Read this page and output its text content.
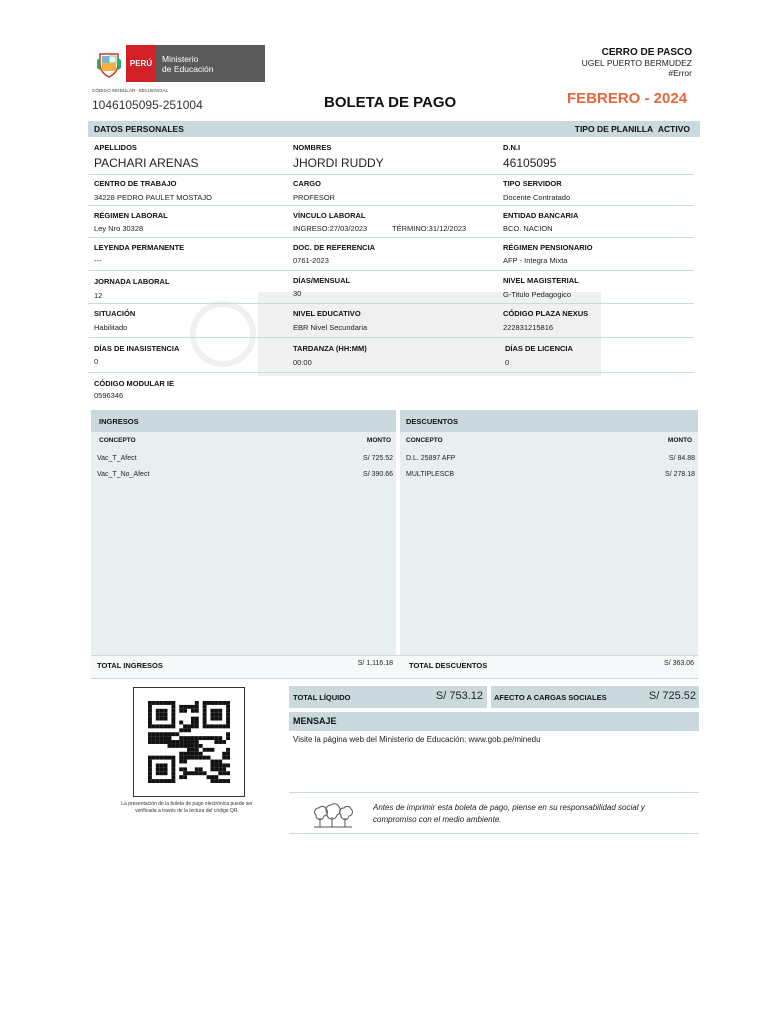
PERÚ	Ministerio
de Educación
CÓDIGO MODULAR- SECUENCIAL
1046105095-251004	BOLETA DE PAGO	FEBRERO - 2024
CERRO DE PASCO
UGEL PUERTO BERMUDEZ
#Error
DATOS PERSONALES	TIPO DE PLANILLA ACTIVO
APELLIDOS
PACHARI ARENAS
NOMBRES
JHORDI RUDDY
D.N.I
46105095
CENTRO DE TRABAJO
34228 PEDRO PAULET MOSTAJO
CARGO
PROFESOR
TIPO SERVIDOR
Docente Contratado
RÉGIMEN LABORAL
Ley Nro 30328
VÍNCULO LABORAL
INGRESO:27/03/2023	TÉRMINO:31/12/2023
ENTIDAD BANCARIA
BCO. NACION
LEYENDA PERMANENTE
---
DOC. DE REFERENCIA
0761-2023
RÉGIMEN PENSIONARIO
AFP - Integra Mixta
JORNADA LABORAL
12
DÍAS/MENSUAL
30
NIVEL MAGISTERIAL
G-Titulo Pedagogico
SITUACIÓN
Habilitado
NIVEL EDUCATIVO
EBR Nivel Secundaria
CÓDIGO PLAZA NEXUS
222831215816
DÍAS DE INASISTENCIA
0
TARDANZA (HH:MM)
00:00
DÍAS DE LICENCIA
0
CÓDIGO MODULAR IE
0596346
INGRESOS
CONCEPTO	MONTO
Vac_T_Afect	S/ 725.52
Vac_T_No_Afect	S/ 390.66
DESCUENTOS
CONCEPTO	MONTO
D.L. 25897 AFP	S/ 84.88
MULTIPLESCB	S/ 278.18
TOTAL INGRESOS	S/ 1,116.18 TOTAL DESCUENTOS	S/ 363.06
La presentación de la boleta de pago electrónica puede ser verificada a través de la lectura del código QR.
TOTAL LÍQUIDO	S/ 753.12 AFECTO A CARGAS SOCIALES	S/ 725.52
MENSAJE
Visite la página web del Ministerio de Educación: www.gob.pe/minedu
Antes de imprimir esta boleta de pago, piense en su responsabilidad social y
compromiso con el medio ambiente.
